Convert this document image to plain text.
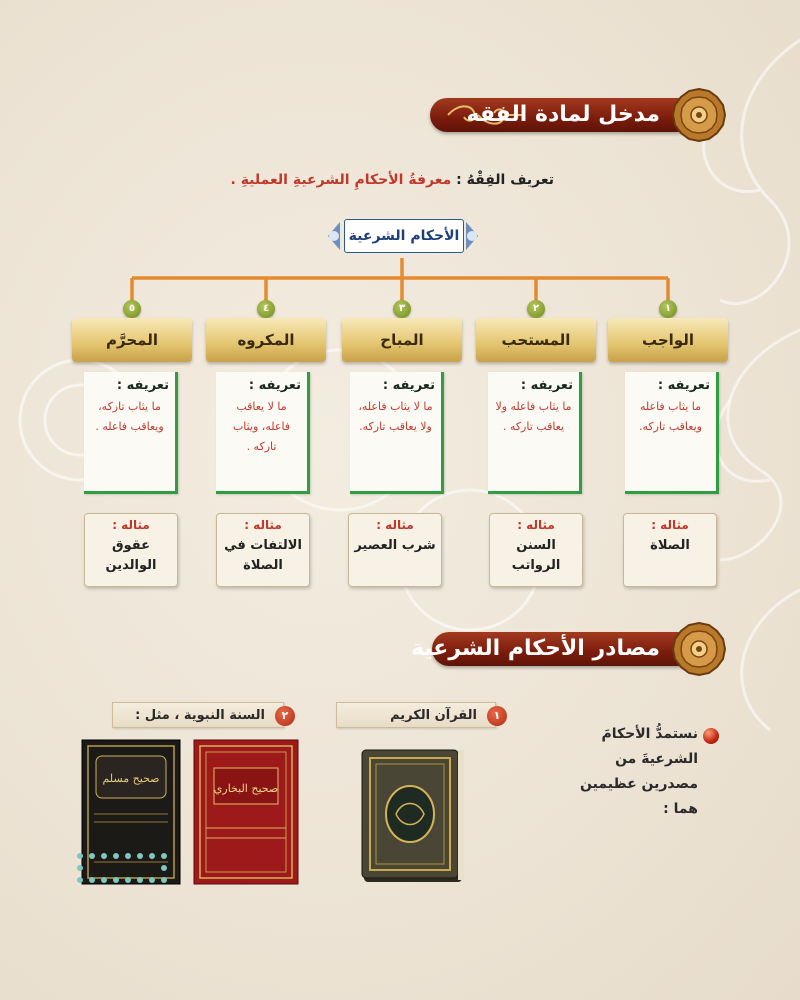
مدخل لمادة الفقه
تعريف الفِقْهُ : معرفةُ الأحكامِ الشرعيةِ العمليةِ .
الأحكام الشرعية
١
الواجب
تعريفه :
ما يثاب فاعله ويعاقب تاركه.
مثاله :
الصلاة
٢
المستحب
تعريفه :
ما يثاب فاعله ولا يعاقب تاركه .
مثاله :
السنن الرواتب
٣
المباح
تعريفه :
ما لا يثاب فاعله، ولا يعاقب تاركه.
مثاله :
شرب العصير
٤
المكروه
تعريفه :
ما لا يعاقب فاعله، ويثاب تاركه .
مثاله :
الالتفات في الصلاة
٥
المحرَّم
تعريفه :
ما يثاب تاركه، ويعاقب فاعله .
مثاله :
عقوق الوالدين
مصادر الأحكام الشرعية
نستمدُّ الأحكامَ الشرعيةَ من مصدرين عظيمين هما :
١
القرآن الكريم
٢
السنة النبوية ، مثل :
صحيح البخاري
صحيح مسلم
